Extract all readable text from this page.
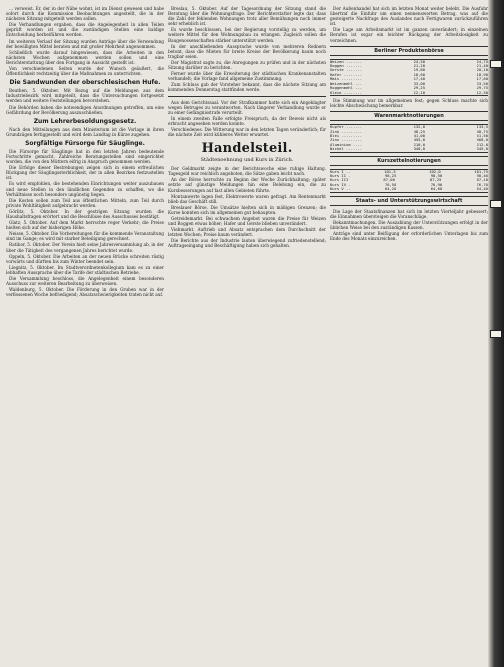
... verweist. Er, der in der Nähe wohnt, ist im Dienst gewesen und habe sofort durch die Kommission Beobachtungen angestellt, die in der nächsten Sitzung mitgeteilt werden sollen.

Die Verhandlungen ergaben, dass die Angelegenheit in allen Teilen geprüft worden ist und die zuständigen Stellen eine baldige Entscheidung herbeiführen werden.

Im weiteren Verlauf der Sitzung wurden Anträge über die Verwendung der bewilligten Mittel beraten und mit großer Mehrheit angenommen.

Schließlich wurde darauf hingewiesen, dass die Arbeiten in den nächsten Wochen aufgenommen werden sollen und eine Berichterstattung über den Fortgang in Aussicht gestellt ist.

Von verschiedenen Seiten wurde der Wunsch geäußert, die Öffentlichkeit rechtzeitig über die Maßnahmen zu unterrichten.

Die Sandwunden der oberschlesischen Hufe.

Beuthen, 5. Oktober. Mit Bezug auf die Meldungen aus dem Industriebezirk wird mitgeteilt, dass die Untersuchungen fortgesetzt werden und weitere Feststellungen bevorstehen.

Die Behörden haben die notwendigen Anordnungen getroffen, um eine Gefährdung der Bevölkerung auszuschließen.

Zum Lehrerbesoldungsgesetz.

Nach den Mitteilungen aus dem Ministerium ist die Vorlage in ihren Grundzügen fertiggestellt und wird dem Landtag in Kürze zugehen.

Sorgfältige Fürsorge für Säuglinge.

Die Fürsorge für Säuglinge hat in den letzten Jahren bedeutende Fortschritte gemacht. Zahlreiche Beratungsstellen sind eingerichtet worden, die von den Müttern eifrig in Anspruch genommen werden.

Die Erfolge dieser Bestrebungen zeigen sich in einem erfreulichen Rückgang der Säuglingssterblichkeit, der in allen Bezirken festzustellen ist.

Es wird empfohlen, die bestehenden Einrichtungen weiter auszubauen und neue Stellen in den ländlichen Gegenden zu schaffen, wo die Verhältnisse noch besonders ungünstig liegen.

Die Kosten sollen zum Teil aus öffentlichen Mitteln, zum Teil durch private Wohltätigkeit aufgebracht werden.

Görlitz, 5. Oktober. In der gestrigen Sitzung wurden die Haushaltsfragen erörtert und die Beschlüsse des Ausschusses bestätigt.

Glatz, 5. Oktober. Auf dem Markt herrschte reger Verkehr; die Preise hielten sich auf der bisherigen Höhe.

Neisse, 5. Oktober. Die Vorbereitungen für die kommende Veranstaltung sind im Gange; es wird mit starker Beteiligung gerechnet.

Ratibor, 5. Oktober. Der Verein hielt seine Jahresversammlung ab, in der über die Tätigkeit des vergangenen Jahres berichtet wurde.

Oppeln, 5. Oktober. Die Arbeiten an der neuen Brücke schreiten rüstig vorwärts und dürften bis zum Winter beendet sein.

Liegnitz, 5. Oktober. Im Stadtverordnetenkollegium kam es zu einer lebhaften Aussprache über die Tarife der städtischen Betriebe.

Die Versammlung beschloss, die Angelegenheit einem besonderen Ausschuss zur weiteren Bearbeitung zu überweisen.

Waldenburg, 5. Oktober. Die Förderung in den Gruben war in der verflossenen Woche befriedigend; Absatzschwierigkeiten traten nicht auf.

Breslau, 5. Oktober. Auf der Tagesordnung der Sitzung stand die Beratung über die Wohnungsfrage. Der Berichterstatter legte dar, dass die Zahl der fehlenden Wohnungen trotz aller Bemühungen noch immer sehr erheblich ist.

Es wurde beschlossen, bei der Regierung vorstellig zu werden, um weitere Mittel für den Wohnungsbau zu erlangen. Zugleich sollen die Baugenossenschaften stärker unterstützt werden.

In der anschließenden Aussprache wurde von mehreren Rednern betont, dass die Mieten für breite Kreise der Bevölkerung kaum noch tragbar seien.

Der Magistrat sagte zu, die Anregungen zu prüfen und in der nächsten Sitzung darüber zu berichten.

Ferner wurde über die Erweiterung der städtischen Krankenanstalten verhandelt; die Vorlage fand allgemeine Zustimmung.

Zum Schluss gab der Vorsteher bekannt, dass die nächste Sitzung am kommenden Donnerstag stattfinden werde.

Aus dem Gerichtssaal. Vor der Strafkammer hatte sich ein Angeklagter wegen Betruges zu verantworten. Nach längerer Verhandlung wurde er zu einer Gefängnisstrafe verurteilt.

In einem zweiten Falle erfolgte Freispruch, da der Beweis nicht als erbracht angesehen werden konnte.

Verschiedenes. Die Witterung war in den letzten Tagen veränderlich; für die nächste Zeit wird kühleres Wetter erwartet.

Handelsteil.
Städtenoehnung und Kurs in Zürich.

Der Geldmarkt zeigte in der Berichtswoche eine ruhige Haltung. Tagesgeld war reichlich angeboten, die Sätze gaben leicht nach.

An der Börse herrschte zu Beginn der Woche Zurückhaltung; später setzte auf günstige Meldungen hin eine Belebung ein, die zu Kursbesserungen auf fast allen Gebieten führte.

Montanwerte lagen fest, Elektrowerte waren gefragt. Am Rentenmarkt blieb das Geschäft still.

Breslauer Börse. Die Umsätze hielten sich in mäßigen Grenzen; die Kurse konnten sich im allgemeinen gut behaupten.

Getreidemarkt. Bei schwachem Angebot waren die Preise für Weizen und Roggen etwas höher; Hafer und Gerste blieben unverändert.

Viehmarkt. Auftrieb und Absatz entsprachen dem Durchschnitt der letzten Wochen; Preise kaum verändert.

Die Berichte aus der Industrie lauten überwiegend zufriedenstellend; Auftragseingang und Beschäftigung haben sich gehalten.

Der Außenhandel hat sich im letzten Monat weiter belebt. Die Ausfuhr übertraf die Einfuhr um einen nennenswerten Betrag, was auf die gesteigerte Nachfrage des Auslandes nach Fertigwaren zurückzuführen ist.

Die Lage am Arbeitsmarkt ist im ganzen unverändert; in einzelnen Berufen ist sogar ein leichter Rückgang der Arbeitslosigkeit zu verzeichnen.

Berliner Produktenbörse
Weizen .......	24,50	24,75
Roggen .......	21,20	21,40
Gerste .......	19,80	20,10
Hafer ........	18,60	18,90
Mais .........	17,40	17,60
Weizenmehl ...	33,00	33,50
Roggenmehl ...	29,25	29,75
Kleie ........	12,10	12,30

Die Stimmung war im allgemeinen fest; gegen Schluss machte sich leichte Abschwächung bemerkbar.

Warenmarktnotierungen
Kupfer .......	132,0	133,5
Zink .........	48,25	48,75
Blei .........	41,00	41,50
Zinn .........	455,0	460,0
Aluminium ....	210,0	212,0
Nickel .......	340,0	345,0
Kurszettelnotierungen
Kurs I ..	101,5	102,0	101,75
Kurs II .	98,25	98,50	98,40
Kurs III	87,00	87,25	87,10
Kurs IV .	76,50	76,90	76,70
Kurs V ..	64,20	64,60	64,40
Staats- und Unterstützungswirtschaft

Die Lage der Staatsfinanzen hat sich im letzten Vierteljahr gebessert; die Einnahmen übersteigen die Voranschläge.

Bekanntmachungen. Die Auszahlung der Unterstützungen erfolgt in der üblichen Weise bei den zuständigen Kassen.

Anträge sind unter Beifügung der erforderlichen Unterlagen bis zum Ende des Monats einzureichen.
